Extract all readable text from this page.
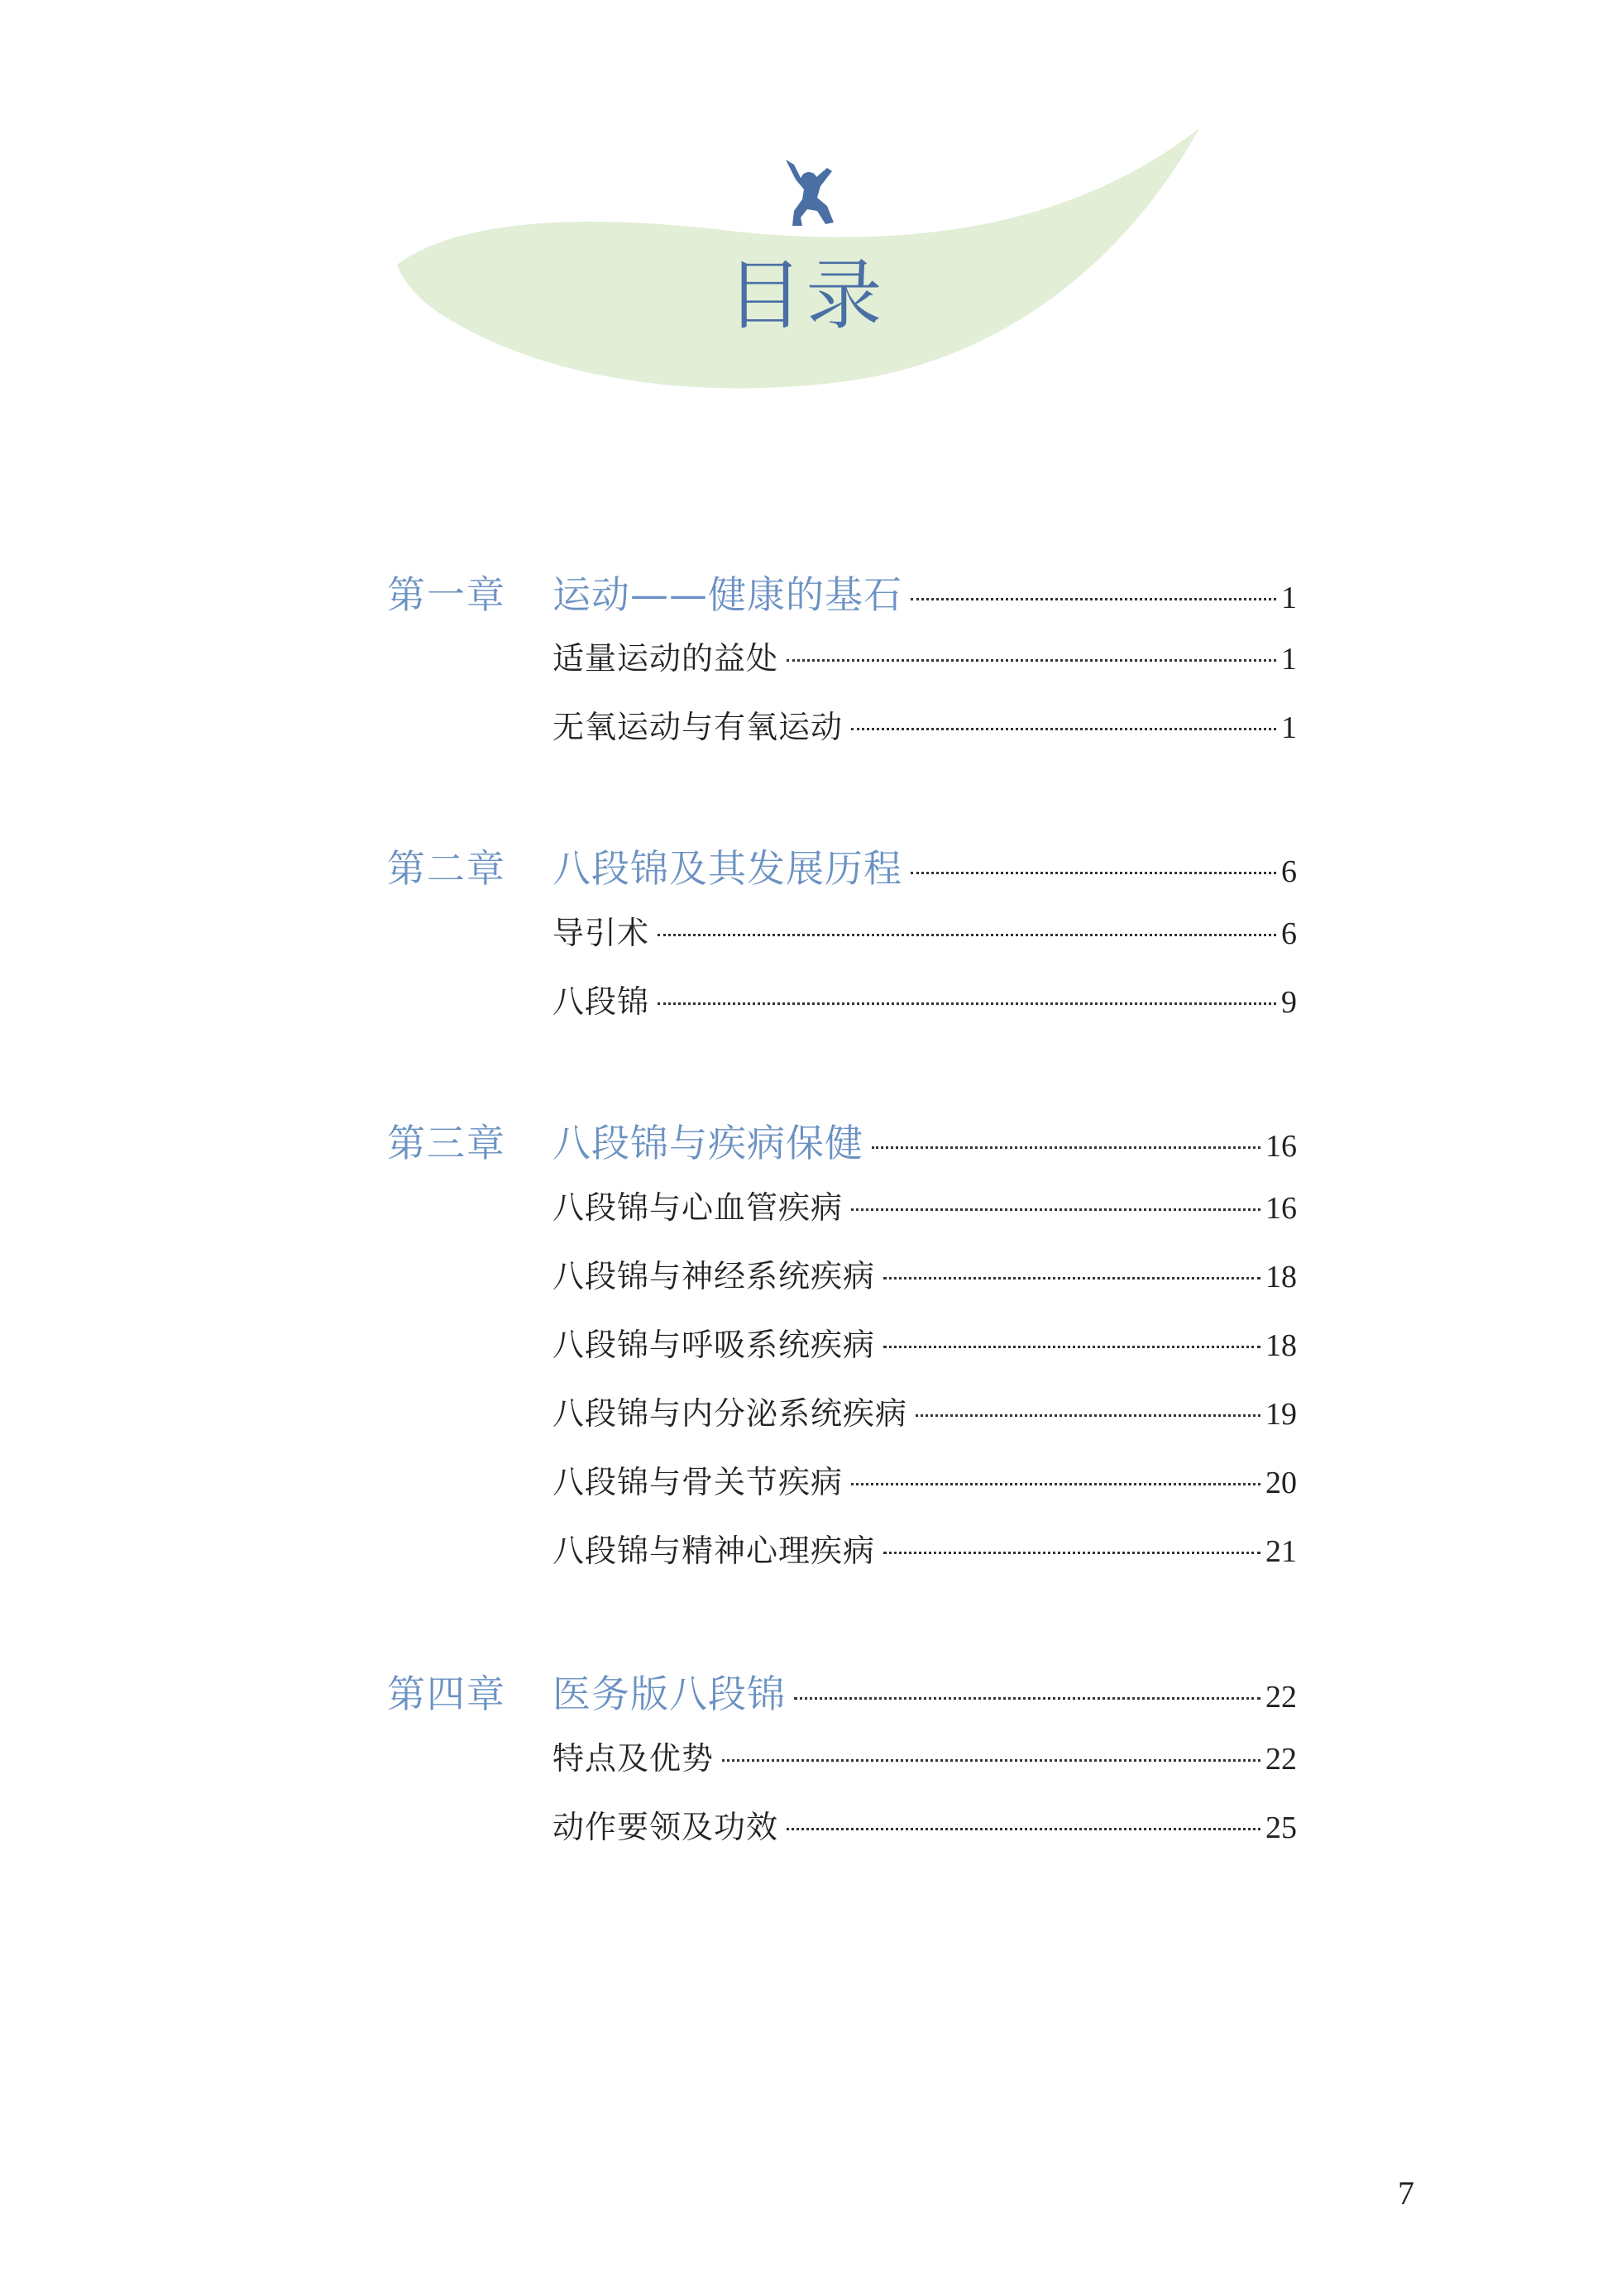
目录
第一章	运动——健康的基石	1
适量运动的益处	1
无氧运动与有氧运动	1
第二章	八段锦及其发展历程	6
导引术	6
八段锦	9
第三章	八段锦与疾病保健	16
八段锦与心血管疾病	16
八段锦与神经系统疾病	18
八段锦与呼吸系统疾病	18
八段锦与内分泌系统疾病	19
八段锦与骨关节疾病	20
八段锦与精神心理疾病	21
第四章	医务版八段锦	22
特点及优势	22
动作要领及功效	25
7
